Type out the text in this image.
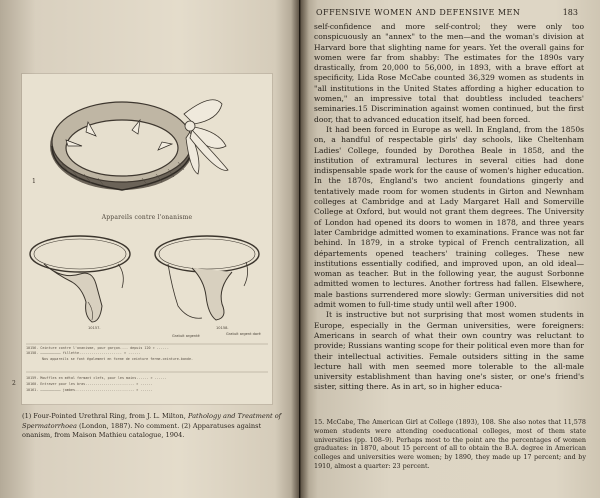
1
Appareils contre l'onanisme
10157.	10158.
Gratuit argenté	Gratuit argent doré
10156. Ceinture contre l'onanisme, pour garçon.... depuis 120 » ......
10158. —————————— fillette..................... » ......
Nos appareils se font également en forme de ceinture ferme-ceinture-bande.
10159. Mouffles en métal fermant clefs, pour les mains...... » ......
10160. Entraver pour les bras........................ » ......
10161. —————————— jambes............................. » ......
2
(1) Four-Pointed Urethral Ring, from J. L. Milton, Pathology and Treatment of Spermatorrhoea (London, 1887). No comment. (2) Apparatuses against onanism, from Maison Mathieu catalogue, 1904.
OFFENSIVE WOMEN AND DEFENSIVE MEN	183

self-confidence and more self-control; they were only too conspicuously an "annex" to the men—and the woman's division at Harvard bore that slighting name for years. Yet the overall gains for women were far from shabby: The estimates for the 1890s vary drastically, from 20,000 to 56,000, in 1893, with a brave effort at specificity, Lida Rose McCabe counted 36,329 women as students in "all institutions in the United States affording a higher education to women," an impressive total that doubtless included teachers' seminaries.15 Discrimination against women continued, but the first door, that to advanced education itself, had been forced.

It had been forced in Europe as well. In England, from the 1850s on, a handful of respectable girls' day schools, like Cheltenham Ladies' College, founded by Dorothea Beale in 1858, and the institution of extramural lectures in several cities had done indispensable spade work for the cause of women's higher education. In the 1870s, England's two ancient foundations gingerly and tentatively made room for women students in Girton and Newnham colleges at Cambridge and at Lady Margaret Hall and Somerville College at Oxford, but would not grant them degrees. The University of London had opened its doors to women in 1878, and three years later Cambridge admitted women to examinations. France was not far behind. In 1879, in a stroke typical of French centralization, all départements opened teachers' training colleges. These new institutions essentially codified, and improved upon, an old ideal—woman as teacher. But in the following year, the august Sorbonne admitted women to lectures. Another fortress had fallen. Elsewhere, male bastions surrendered more slowly: German universities did not admit women to full-time study until well after 1900.

It is instructive but not surprising that most women students in Europe, especially in the German universities, were foreigners: Americans in search of what their own country was reluctant to provide; Russians wanting scope for their political even more than for their intellectual activities. Female outsiders sitting in the same lecture hall with men seemed more tolerable to the all-male university establishment than having one's sister, or one's friend's sister, sitting there. As in art, so in higher educa-

15. McCabe, The American Girl at College (1893), 108. She also notes that 11,578 women students were attending coeducational colleges, most of them state universities (pp. 108–9). Perhaps most to the point are the percentages of women graduates: in 1870, about 15 percent of all to obtain the B.A. degree in American colleges and universities were women; by 1890, they made up 17 percent; and by 1910, almost a quarter: 23 percent.
